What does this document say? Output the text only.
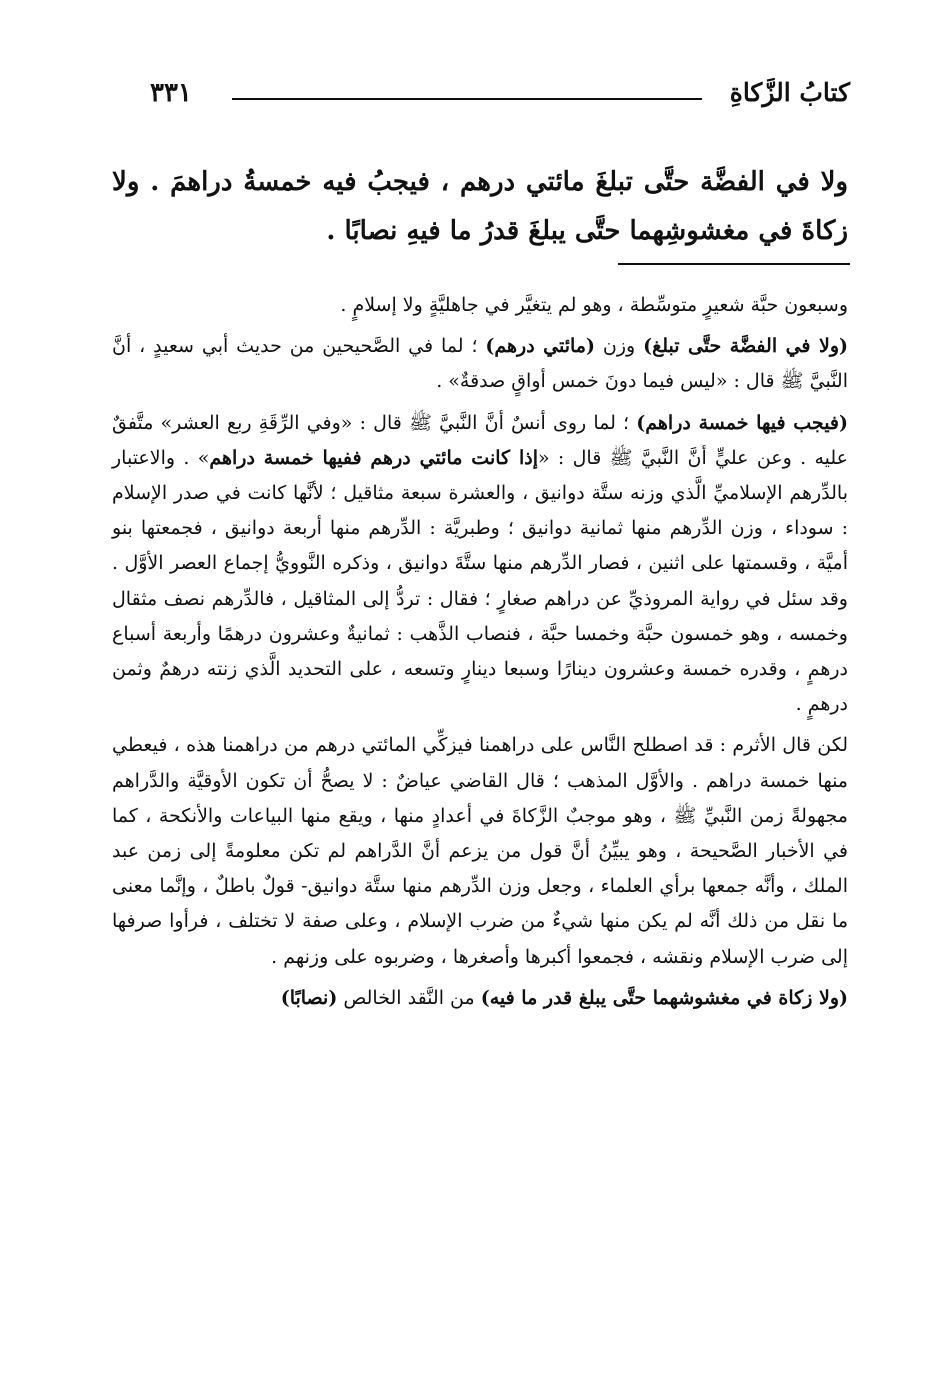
كتابُ الزَّكاةِ
٣٣١
ولا في الفضَّة حتَّى تبلغَ مائتي درهم ، فيجبُ فيه خمسةُ دراهمَ . ولا زكاةَ في مغشوشِهما حتَّى يبلغَ قدرُ ما فيهِ نصابًا .

وسبعون حبَّة شعيرٍ متوسِّطة ، وهو لم يتغيَّر في جاهليَّةٍ ولا إسلامٍ .

(ولا في الفضَّة حتَّى تبلغ) وزن (مائتي درهم) ؛ لما في الصَّحيحين من حديث أبي سعيدٍ ، أنَّ النَّبيَّ ﷺ قال : «ليس فيما دونَ خمس أواقٍ صدقةٌ» .

(فيجب فيها خمسة دراهم) ؛ لما روى أنسٌ أنَّ النَّبيَّ ﷺ قال : «وفي الرِّقَةِ ربع العشر» متَّفقٌ عليه . وعن عليٍّ أنَّ النَّبيَّ ﷺ قال : «إذا كانت مائتي درهم ففيها خمسة دراهم» . والاعتبار بالدِّرهم الإسلاميِّ الَّذي وزنه ستَّة دوانيق ، والعشرة سبعة مثاقيل ؛ لأنَّها كانت في صدر الإسلام : سوداء ، وزن الدِّرهم منها ثمانية دوانيق ؛ وطبريَّة : الدِّرهم منها أربعة دوانيق ، فجمعتها بنو أميَّة ، وقسمتها على اثنين ، فصار الدِّرهم منها ستَّةَ دوانيق ، وذكره النَّوويُّ إجماع العصر الأوَّل . وقد سئل في رواية المروذيِّ عن دراهم صغارٍ ؛ فقال : تردُّ إلى المثاقيل ، فالدِّرهم نصف مثقال وخمسه ، وهو خمسون حبَّة وخمسا حبَّة ، فنصاب الذَّهب : ثمانيةٌ وعشرون درهمًا وأربعة أسباع درهمٍ ، وقدره خمسة وعشرون دينارًا وسبعا دينارٍ وتسعه ، على التحديد الَّذي زنته درهمٌ وثمن درهمٍ .

لكن قال الأثرم : قد اصطلح النَّاس على دراهمنا فيزكِّي المائتي درهم من دراهمنا هذه ، فيعطي منها خمسة دراهم . والأوَّل المذهب ؛ قال القاضي عياضٌ : لا يصحُّ أن تكون الأوقيَّة والدَّراهم مجهولةً زمن النَّبيِّ ﷺ ، وهو موجبٌ الزَّكاةَ في أعدادٍ منها ، ويقع منها البياعات والأنكحة ، كما في الأخبار الصَّحيحة ، وهو يبيِّنُ أنَّ قول من يزعم أنَّ الدَّراهم لم تكن معلومةً إلى زمن عبد الملك ، وأنَّه جمعها برأي العلماء ، وجعل وزن الدِّرهم منها ستَّة دوانيق- قولٌ باطلٌ ، وإنَّما معنى ما نقل من ذلك أنَّه لم يكن منها شيءٌ من ضرب الإسلام ، وعلى صفة لا تختلف ، فرأوا صرفها إلى ضرب الإسلام ونقشه ، فجمعوا أكبرها وأصغرها ، وضربوه على وزنهم .

(ولا زكاة في مغشوشهما حتَّى يبلغ قدر ما فيه) من النَّقد الخالص (نصابًا)
